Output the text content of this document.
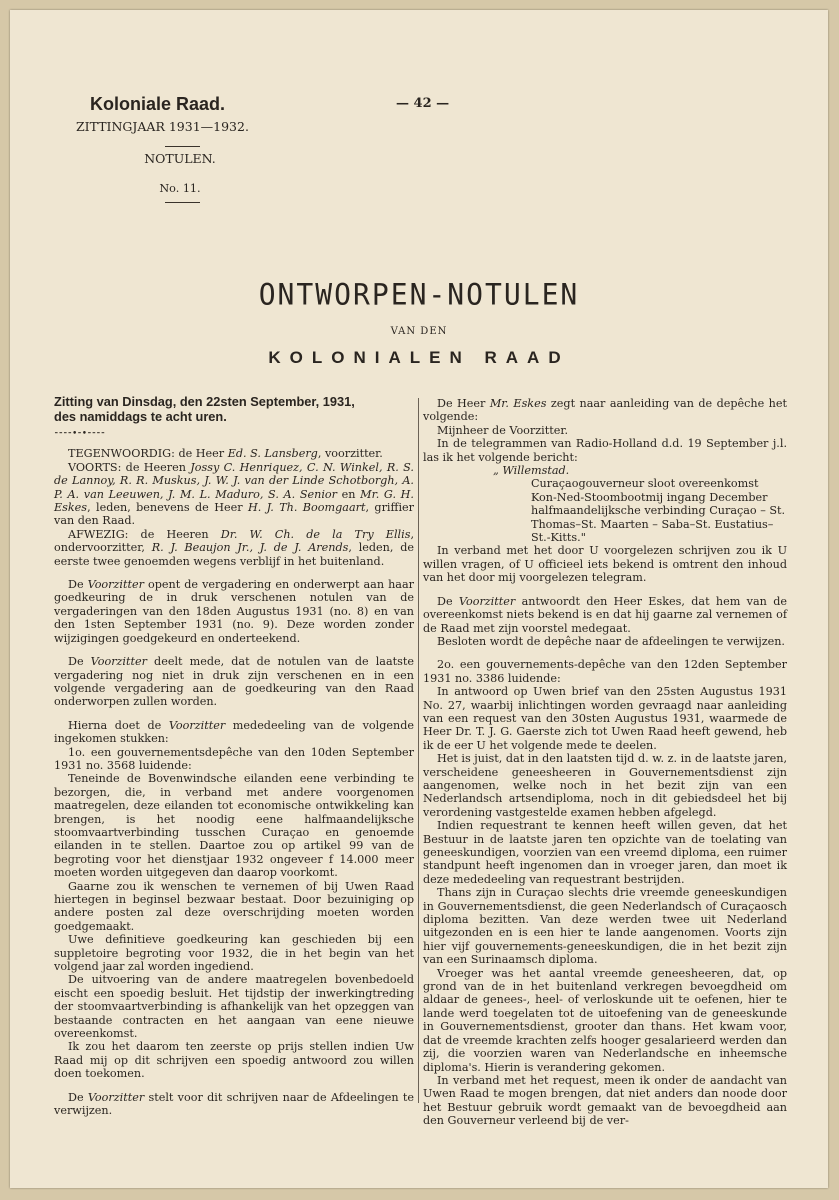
Koloniale Raad.
ZITTINGJAAR 1931—1932.
— 42 —
NOTULEN.
No. 11.
ONTWORPEN-NOTULEN
VAN DEN
KOLONIALEN RAAD

Zitting van Dinsdag, den 22sten September, 1931,

des namiddags te acht uren.

⁃⁃⁃⁃•⁃•⁃⁃⁃⁃

TEGENWOORDIG: de Heer Ed. S. Lansberg, voorzitter.

VOORTS: de Heeren Jossy C. Henriquez, C. N. Winkel, R. S. de Lannoy, R. R. Muskus, J. W. J. van der Linde Schotborgh, A. P. A. van Leeuwen, J. M. L. Maduro, S. A. Senior en Mr. G. H. Eskes, leden, benevens de Heer H. J. Th. Boomgaart, griffier van den Raad.

AFWEZIG: de Heeren Dr. W. Ch. de la Try Ellis, ondervoorzitter, R. J. Beaujon Jr., J. de J. Arends, leden, de eerste twee genoemden wegens verblijf in het buitenland.

De Voorzitter opent de vergadering en onderwerpt aan haar goedkeuring de in druk verschenen notulen van de vergaderingen van den 18den Augustus 1931 (no. 8) en van den 1sten September 1931 (no. 9). Deze worden zonder wijzigingen goedgekeurd en onderteekend.

De Voorzitter deelt mede, dat de notulen van de laatste vergadering nog niet in druk zijn verschenen en in een volgende vergadering aan de goedkeuring van den Raad onderworpen zullen worden.

Hierna doet de Voorzitter mededeeling van de volgende ingekomen stukken:

1o. een gouvernementsdepêche van den 10den September 1931 no. 3568 luidende:

Teneinde de Bovenwindsche eilanden eene verbinding te bezorgen, die, in verband met andere voorgenomen maatregelen, deze eilanden tot economische ontwikkeling kan brengen, is het noodig eene halfmaandelijksche stoomvaartverbinding tusschen Curaçao en genoemde eilanden in te stellen. Daartoe zou op artikel 99 van de begroting voor het dienstjaar 1932 ongeveer f 14.000 meer moeten worden uitgegeven dan daarop voorkomt.

Gaarne zou ik wenschen te vernemen of bij Uwen Raad hiertegen in beginsel bezwaar bestaat. Door bezuiniging op andere posten zal deze overschrijding moeten worden goedgemaakt.

Uwe definitieve goedkeuring kan geschieden bij een suppletoire begroting voor 1932, die in het begin van het volgend jaar zal worden ingediend.

De uitvoering van de andere maatregelen bovenbedoeld eischt een spoedig besluit. Het tijdstip der inwerkingtreding der stoomvaartverbinding is afhankelijk van het opzeggen van bestaande contracten en het aangaan van eene nieuwe overeenkomst.

Ik zou het daarom ten zeerste op prijs stellen indien Uw Raad mij op dit schrijven een spoedig antwoord zou willen doen toekomen.

De Voorzitter stelt voor dit schrijven naar de Afdeelingen te verwijzen.

De Heer Mr. Eskes zegt naar aanleiding van de depêche het volgende:

Mijnheer de Voorzitter.

In de telegrammen van Radio-Holland d.d. 19 September j.l. las ik het volgende bericht:

„ Willemstad.

Curaçaogouverneur sloot overeenkomst Kon-Ned-Stoombootmij ingang December halfmaandelijksche verbinding Curaçao – St. Thomas–St. Maarten – Saba–St. Eustatius–St.-Kitts."

In verband met het door U voorgelezen schrijven zou ik U willen vragen, of U officieel iets bekend is omtrent den inhoud van het door mij voorgelezen telegram.

De Voorzitter antwoordt den Heer Eskes, dat hem van de overeenkomst niets bekend is en dat hij gaarne zal vernemen of de Raad met zijn voorstel medegaat.

Besloten wordt de depêche naar de afdeelingen te verwijzen.

2o. een gouvernements-depêche van den 12den September 1931 no. 3386 luidende:

In antwoord op Uwen brief van den 25sten Augustus 1931 No. 27, waarbij inlichtingen worden gevraagd naar aanleiding van een request van den 30sten Augustus 1931, waarmede de Heer Dr. T. J. G. Gaerste zich tot Uwen Raad heeft gewend, heb ik de eer U het volgende mede te deelen.

Het is juist, dat in den laatsten tijd d. w. z. in de laatste jaren, verscheidene geneesheeren in Gouvernementsdienst zijn aangenomen, welke noch in het bezit zijn van een Nederlandsch artsendiploma, noch in dit gebiedsdeel het bij verordening vastgestelde examen hebben afgelegd.

Indien requestrant te kennen heeft willen geven, dat het Bestuur in de laatste jaren ten opzichte van de toelating van geneeskundigen, voorzien van een vreemd diploma, een ruimer standpunt heeft ingenomen dan in vroeger jaren, dan moet ik deze mededeeling van requestrant bestrijden.

Thans zijn in Curaçao slechts drie vreemde geneeskundigen in Gouvernementsdienst, die geen Nederlandsch of Curaçaosch diploma bezitten. Van deze werden twee uit Nederland uitgezonden en is een hier te lande aangenomen. Voorts zijn hier vijf gouvernements-geneeskundigen, die in het bezit zijn van een Surinaamsch diploma.

Vroeger was het aantal vreemde geneesheeren, dat, op grond van de in het buitenland verkregen bevoegdheid om aldaar de genees-, heel- of verloskunde uit te oefenen, hier te lande werd toegelaten tot de uitoefening van de geneeskunde in Gouvernementsdienst, grooter dan thans. Het kwam voor, dat de vreemde krachten zelfs hooger gesalarieerd werden dan zij, die voorzien waren van Nederlandsche en inheemsche diploma's. Hierin is verandering gekomen.

In verband met het request, meen ik onder de aandacht van Uwen Raad te mogen brengen, dat niet anders dan noode door het Bestuur gebruik wordt gemaakt van de bevoegdheid aan den Gouverneur verleend bij de ver-
